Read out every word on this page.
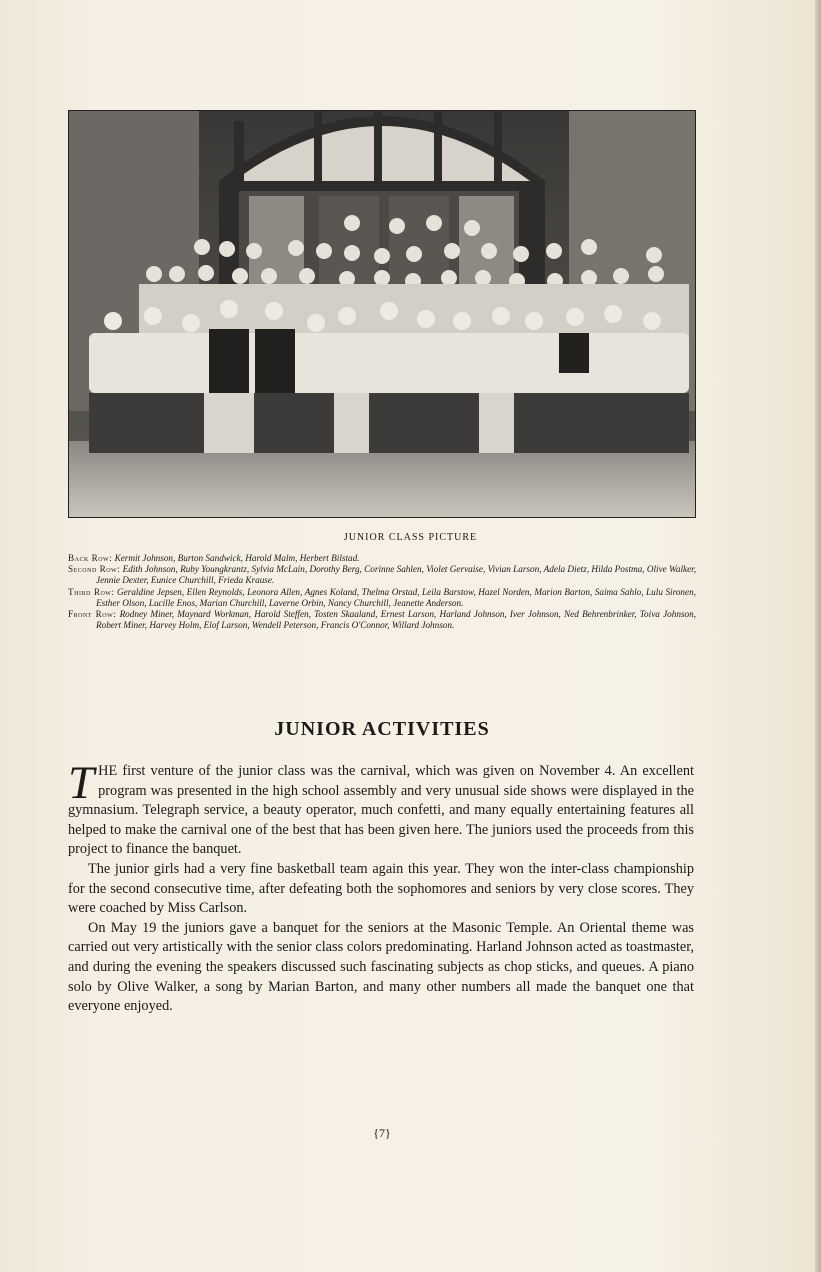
JUNIOR CLASS PICTURE

Back Row: Kermit Johnson, Burton Sandwick, Harold Malm, Herbert Bilstad.

Second Row: Edith Johnson, Ruby Youngkrantz, Sylvia McLain, Dorothy Berg, Corinne Sahlen, Violet Gervaise, Vivian Larson, Adela Dietz, Hilda Postma, Olive Walker, Jennie Dexter, Eunice Churchill, Frieda Krause.

Third Row: Geraldine Jepsen, Ellen Reynolds, Leonora Allen, Agnes Koland, Thelma Orstad, Leila Barstow, Hazel Norden, Marion Barton, Saima Sahlo, Lulu Sironen, Esther Olson, Lucille Enos, Marian Churchill, Laverne Orbin, Nancy Churchill, Jeanette Anderson.

Front Row: Rodney Miner, Maynard Workman, Harold Steffen, Tosten Skaaland, Ernest Larson, Harland Johnson, Iver Johnson, Ned Behrenbrinker, Toiva Johnson, Robert Miner, Harvey Holm, Elof Larson, Wendell Peterson, Francis O'Connor, Willard Johnson.

JUNIOR ACTIVITIES

THE first venture of the junior class was the carnival, which was given on November 4. An excellent program was presented in the high school assembly and very unusual side shows were displayed in the gymnasium. Telegraph service, a beauty operator, much confetti, and many equally entertaining features all helped to make the carnival one of the best that has been given here. The juniors used the proceeds from this project to finance the banquet.

The junior girls had a very fine basketball team again this year. They won the inter-class championship for the second consecutive time, after defeating both the sophomores and seniors by very close scores. They were coached by Miss Carlson.

On May 19 the juniors gave a banquet for the seniors at the Masonic Temple. An Oriental theme was carried out very artistically with the senior class colors predominating. Harland Johnson acted as toastmaster, and during the evening the speakers discussed such fascinating subjects as chop sticks, and queues. A piano solo by Olive Walker, a song by Marian Barton, and many other numbers all made the banquet one that everyone enjoyed.

{7}
